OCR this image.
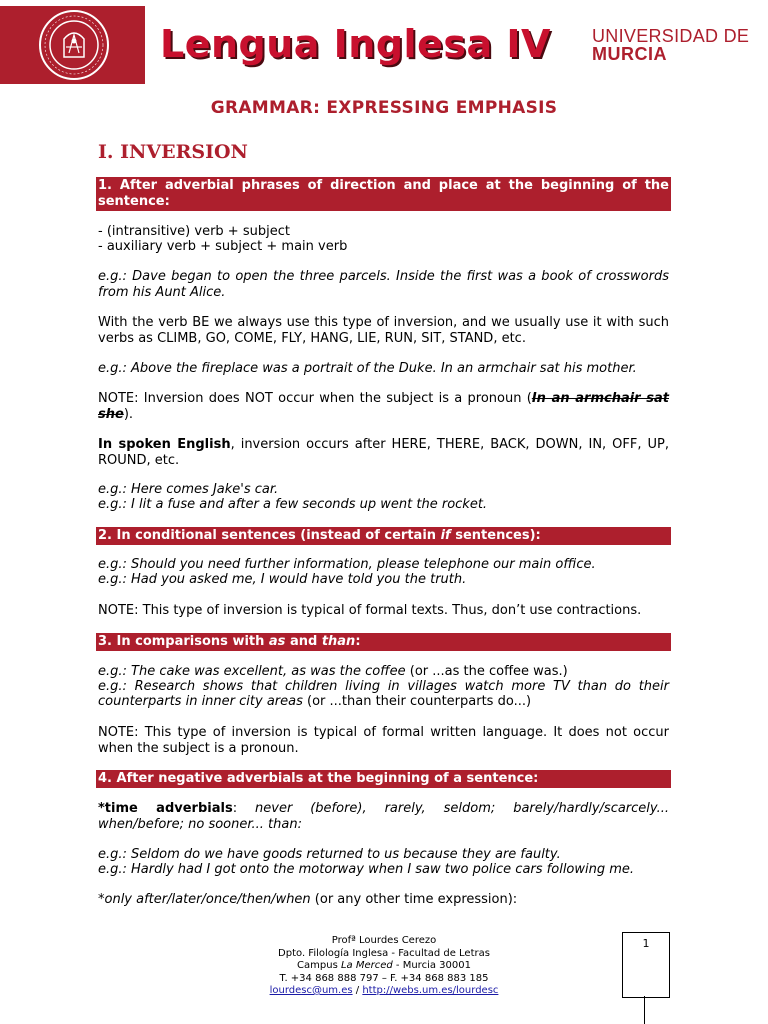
Lengua Inglesa IV UNIVERSIDAD DE
MURCIA
GRAMMAR: EXPRESSING EMPHASIS
I. INVERSION
1. After adverbial phrases of direction and place at the beginning of the sentence:
- (intransitive) verb + subject
- auxiliary verb + subject + main verb
e.g.: Dave began to open the three parcels. Inside the first was a book of crosswords from his Aunt Alice.
With the verb BE we always use this type of inversion, and we usually use it with such verbs as CLIMB, GO, COME, FLY, HANG, LIE, RUN, SIT, STAND, etc.
e.g.: Above the fireplace was a portrait of the Duke. In an armchair sat his mother.
NOTE: Inversion does NOT occur when the subject is a pronoun (In an armchair sat she).
In spoken English, inversion occurs after HERE, THERE, BACK, DOWN, IN, OFF, UP, ROUND, etc.
e.g.: Here comes Jake's car.
e.g.: I lit a fuse and after a few seconds up went the rocket.
2. In conditional sentences (instead of certain if sentences):
e.g.: Should you need further information, please telephone our main office.
e.g.: Had you asked me, I would have told you the truth.
NOTE: This type of inversion is typical of formal texts. Thus, don’t use contractions.
3. In comparisons with as and than:
e.g.: The cake was excellent, as was the coffee (or ...as the coffee was.)
e.g.: Research shows that children living in villages watch more TV than do their counterparts in inner city areas (or ...than their counterparts do...)
NOTE: This type of inversion is typical of formal written language. It does not occur when the subject is a pronoun.
4. After negative adverbials at the beginning of a sentence:
*time adverbials: never (before), rarely, seldom; barely/hardly/scarcely... when/before; no sooner... than:
e.g.: Seldom do we have goods returned to us because they are faulty.
e.g.: Hardly had I got onto the motorway when I saw two police cars following me.
*only after/later/once/then/when (or any other time expression):
Profª Lourdes Cerezo
Dpto. Filología Inglesa - Facultad de Letras
Campus La Merced - Murcia 30001
T. +34 868 888 797 – F. +34 868 883 185
lourdesc@um.es / http://webs.um.es/lourdesc
1
